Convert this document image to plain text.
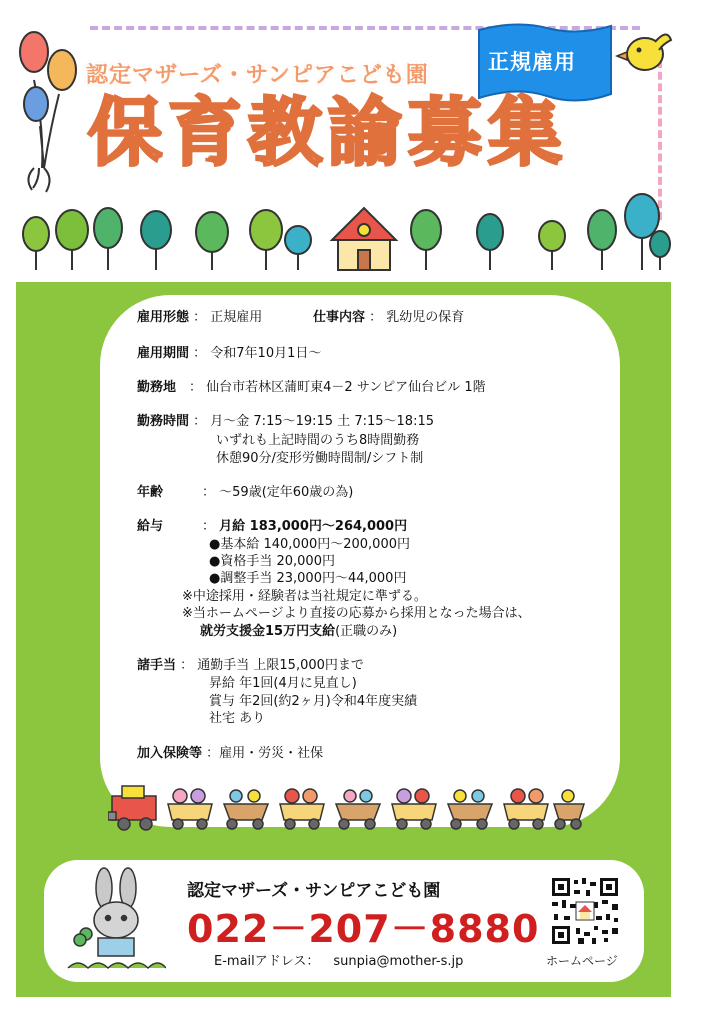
認定マザーズ・サンピアこども園
正規雇用
保育教諭募集
雇用形態 ： 正規雇用	仕事内容 ： 乳幼児の保育
雇用期間 ： 令和7年10月1日～
勤務地　： 仙台市若林区蒲町東4－2 サンピア仙台ビル 1階
勤務時間 ： 月～金 7:15～19:15 土 7:15～18:15
いずれも上記時間のうち8時間勤務
休憩90分/変形労働時間制/シフト制
年齢　　　： ～59歳(定年60歳の為)
給与　　　： 月給 183,000円～264,000円
●基本給 140,000円～200,000円
●資格手当 20,000円
●調整手当 23,000円～44,000円
※中途採用・経験者は当社規定に準ずる。
※当ホームページより直接の応募から採用となった場合は、
就労支援金15万円支給(正職のみ)
諸手当 ： 通勤手当 上限15,000円まで
昇給 年1回(4月に見直し)
賞与 年2回(約2ヶ月)令和4年度実績
社宅 あり
加入保険等 ：雇用・労災・社保
認定マザーズ・サンピアこども園
022－207－8880
E-mailアドレス： sunpia@mother-s.jp	ホームページ
